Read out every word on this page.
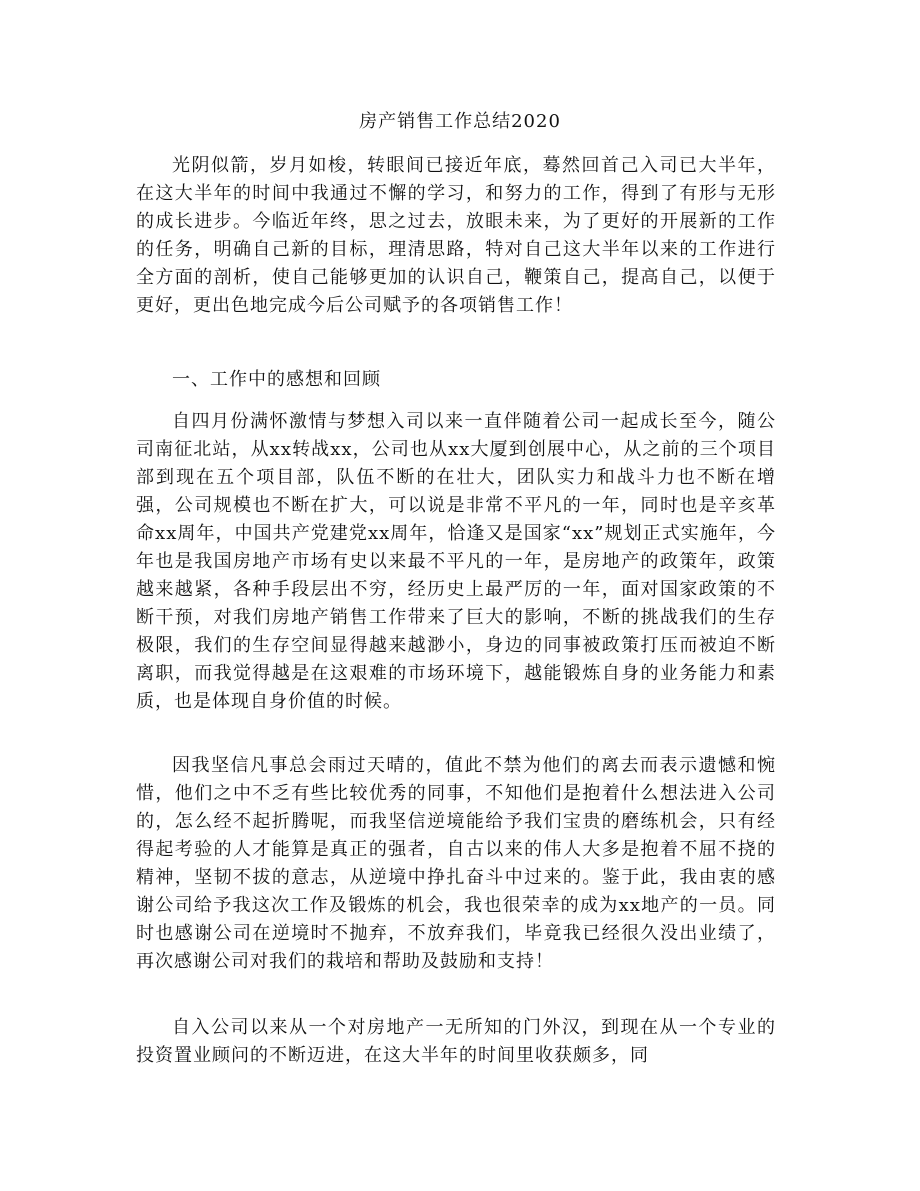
房产销售工作总结2020

光阴似箭，岁月如梭，转眼间已接近年底，蓦然回首己入司已大半年，在这大半年的时间中我通过不懈的学习，和努力的工作，得到了有形与无形的成长进步。今临近年终，思之过去，放眼未来，为了更好的开展新的工作的任务，明确自己新的目标，理清思路，特对自己这大半年以来的工作进行全方面的剖析，使自己能够更加的认识自己，鞭策自己，提高自己，以便于更好，更出色地完成今后公司赋予的各项销售工作！

一、工作中的感想和回顾

自四月份满怀激情与梦想入司以来一直伴随着公司一起成长至今，随公司南征北站，从xx转战xx，公司也从xx大厦到创展中心，从之前的三个项目部到现在五个项目部，队伍不断的在壮大，团队实力和战斗力也不断在增强，公司规模也不断在扩大，可以说是非常不平凡的一年，同时也是辛亥革命xx周年，中国共产党建党xx周年，恰逢又是国家“xx”规划正式实施年，今年也是我国房地产市场有史以来最不平凡的一年，是房地产的政策年，政策越来越紧，各种手段层出不穷，经历史上最严厉的一年，面对国家政策的不断干预，对我们房地产销售工作带来了巨大的影响，不断的挑战我们的生存极限，我们的生存空间显得越来越渺小，身边的同事被政策打压而被迫不断离职，而我觉得越是在这艰难的市场环境下，越能锻炼自身的业务能力和素质，也是体现自身价值的时候。

因我坚信凡事总会雨过天晴的，值此不禁为他们的离去而表示遗憾和惋惜，他们之中不乏有些比较优秀的同事，不知他们是抱着什么想法进入公司的，怎么经不起折腾呢，而我坚信逆境能给予我们宝贵的磨练机会，只有经得起考验的人才能算是真正的强者，自古以来的伟人大多是抱着不屈不挠的精神，坚韧不拔的意志，从逆境中挣扎奋斗中过来的。鉴于此，我由衷的感谢公司给予我这次工作及锻炼的机会，我也很荣幸的成为xx地产的一员。同时也感谢公司在逆境时不抛弃，不放弃我们，毕竟我已经很久没出业绩了，再次感谢公司对我们的栽培和帮助及鼓励和支持！

自入公司以来从一个对房地产一无所知的门外汉，到现在从一个专业的投资置业顾问的不断迈进，在这大半年的时间里收获颇多，同
